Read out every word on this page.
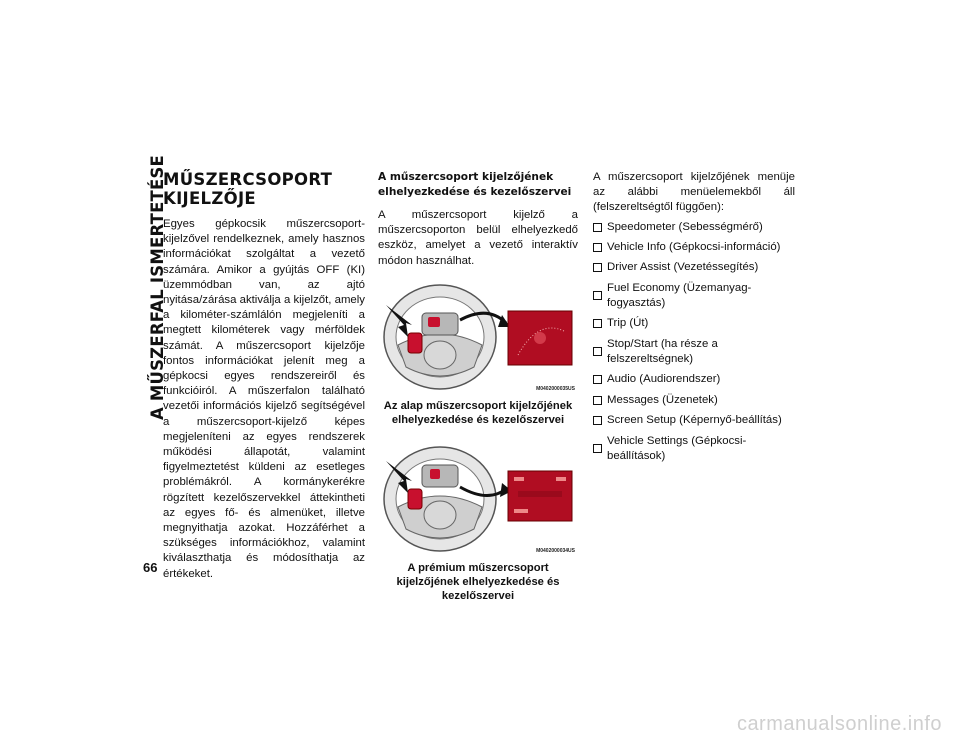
A MŰSZERFAL ISMERTETÉSE
66
MŰSZERCSOPORT
KIJELZŐJE

Egyes gépkocsik műszercsoport-kijelzővel rendelkeznek, amely hasznos információkat szolgáltat a vezető számára. Amikor a gyújtás OFF (KI) üzemmódban van, az ajtó nyitása/zárása aktiválja a kijelzőt, amely a kilométer-számlálón megjeleníti a megtett kilométerek vagy mérföldek számát. A műszercsoport kijelzője fontos információkat jelenít meg a gépkocsi egyes rendszereiről és funkcióiról. A műszerfalon található vezetői információs kijelző segítségével a műszercsoport-kijelző képes megjeleníteni az egyes rendszerek működési állapotát, valamint figyelmeztetést küldeni az esetleges problémákról. A kormánykerékre rögzített kezelőszervekkel áttekintheti az egyes fő- és almenüket, illetve megnyithatja azokat. Hozzáférhet a szükséges információkhoz, valamint kiválaszthatja és módosíthatja az értékeket.

A műszercsoport kijelzőjének elhelyezkedése és kezelőszervei

A műszercsoport kijelző a műszercsoporton belül elhelyezkedő eszköz, amelyet a vezető interaktív módon használhat.

M0402000035US
Az alap műszercsoport kijelzőjének elhelyezkedése és kezelőszervei
M0402000034US
A prémium műszercsoport kijelzőjének elhelyezkedése és kezelőszervei

A műszercsoport kijelzőjének menüje az alábbi menüelemekből áll (felszereltségtől függően):

Speedometer (Sebességmérő)
Vehicle Info (Gépkocsi-információ)
Driver Assist (Vezetéssegítés)
Fuel Economy (Üzemanyag-fogyasztás)
Trip (Út)
Stop/Start (ha része a felszereltségnek)
Audio (Audiorendszer)
Messages (Üzenetek)
Screen Setup (Képernyő-beállítás)
Vehicle Settings (Gépkocsi-beállítások)
carmanualsonline.info
